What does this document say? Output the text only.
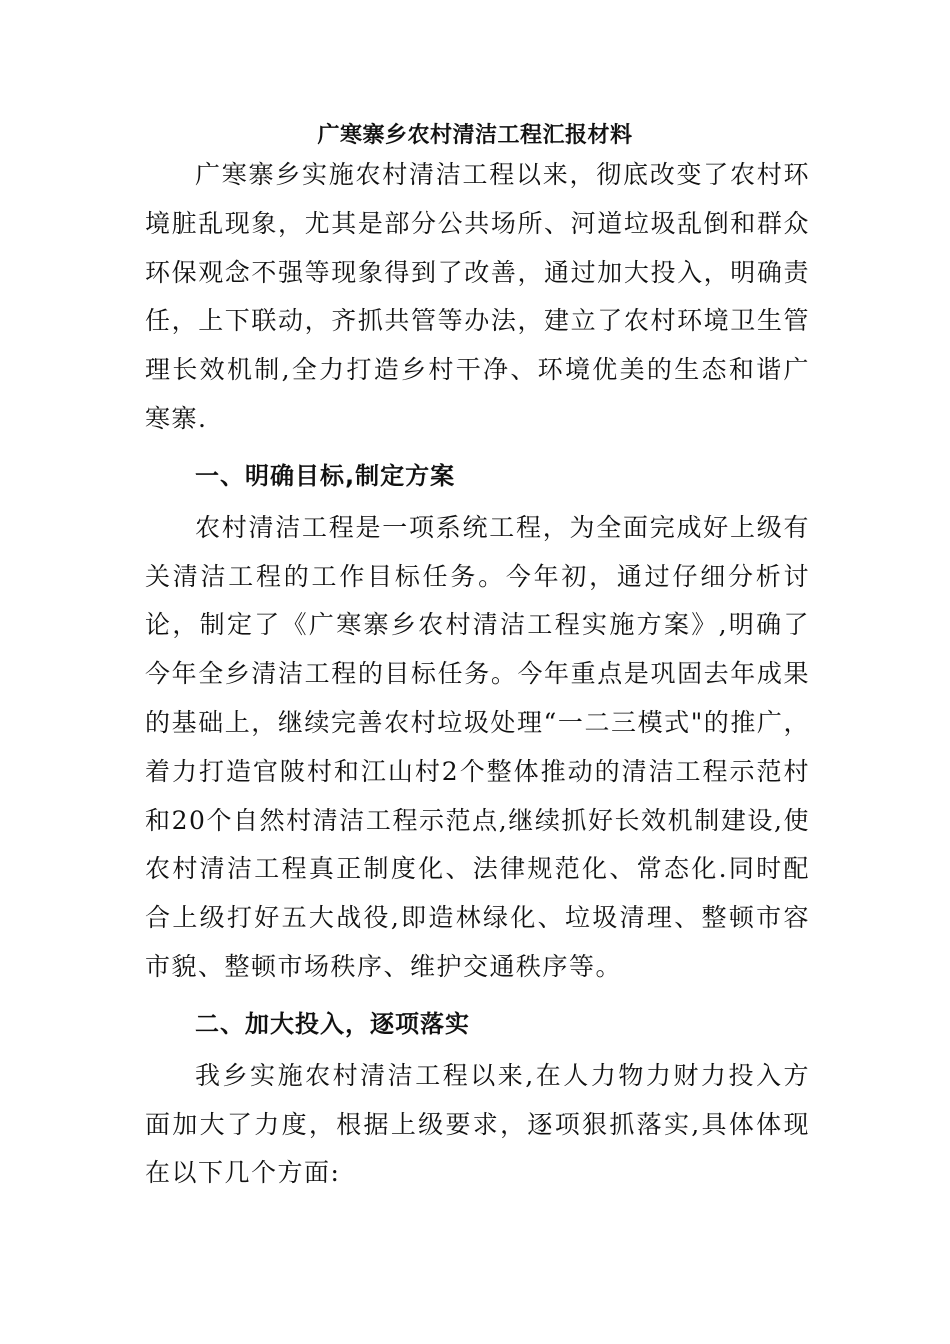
广寒寨乡农村清洁工程汇报材料

广寒寨乡实施农村清洁工程以来，彻底改变了农村环境脏乱现象，尤其是部分公共场所、河道垃圾乱倒和群众环保观念不强等现象得到了改善，通过加大投入，明确责任，上下联动，齐抓共管等办法，建立了农村环境卫生管理长效机制,全力打造乡村干净、环境优美的生态和谐广寒寨.

一、明确目标,制定方案

农村清洁工程是一项系统工程，为全面完成好上级有关清洁工程的工作目标任务。今年初，通过仔细分析讨论，制定了《广寒寨乡农村清洁工程实施方案》,明确了今年全乡清洁工程的目标任务。今年重点是巩固去年成果的基础上，继续完善农村垃圾处理“一二三模式"的推广，着力打造官陂村和江山村2个整体推动的清洁工程示范村和20个自然村清洁工程示范点,继续抓好长效机制建设,使农村清洁工程真正制度化、法律规范化、常态化.同时配合上级打好五大战役,即造林绿化、垃圾清理、整顿市容市貌、整顿市场秩序、维护交通秩序等。

二、加大投入，逐项落实

我乡实施农村清洁工程以来,在人力物力财力投入方面加大了力度，根据上级要求，逐项狠抓落实,具体体现在以下几个方面:
